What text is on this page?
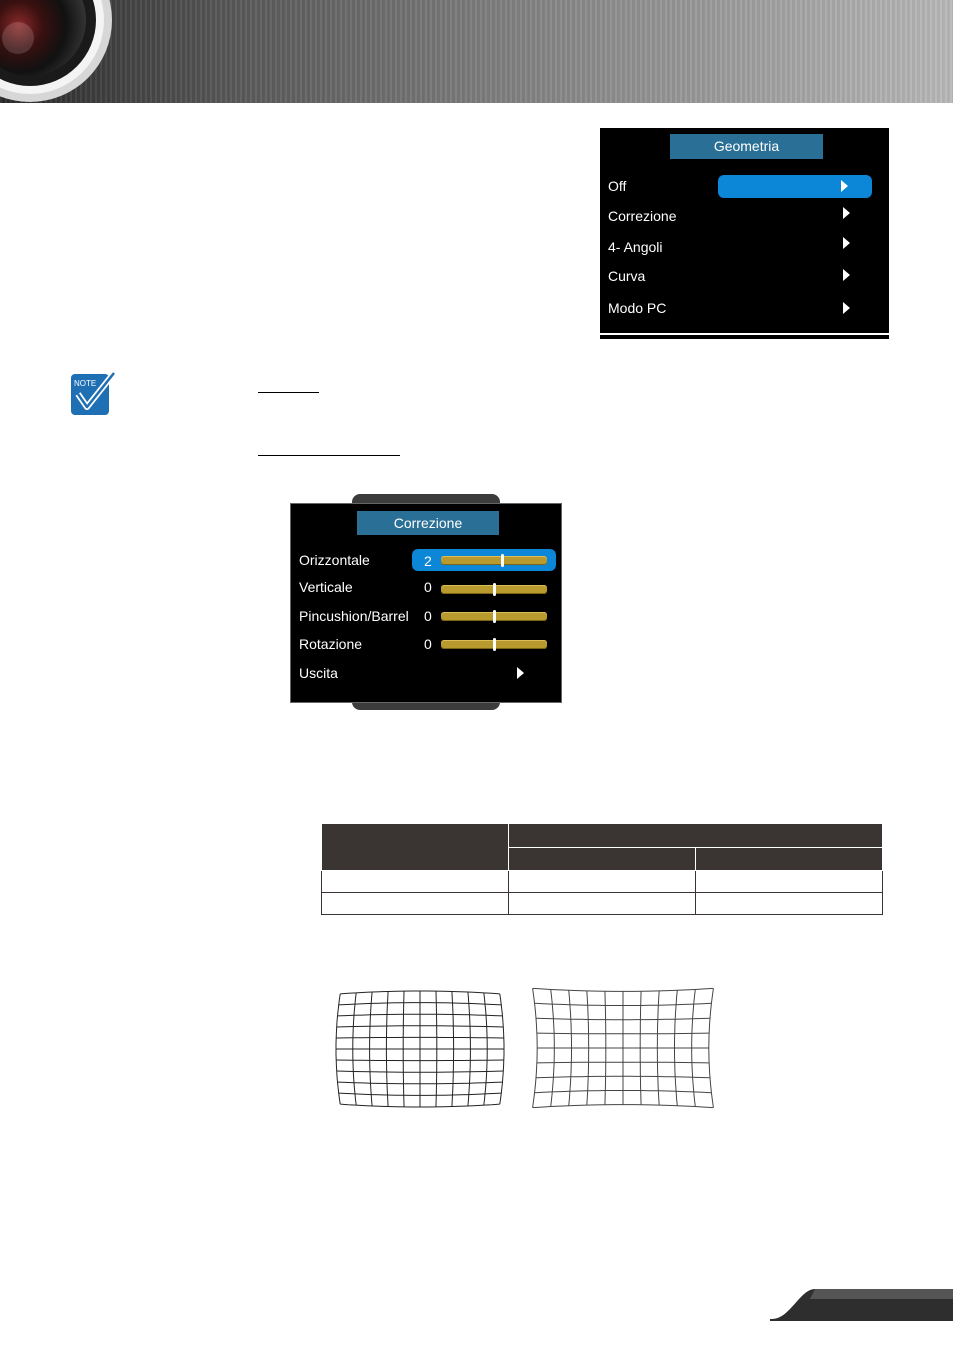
Geometria
Off
Correzione
4- Angoli
Curva
Modo PC
NOTE
Correzione
Orizzontale	2
Verticale	0
Pincushion/Barrel 0
Rotazione	0
Uscita
